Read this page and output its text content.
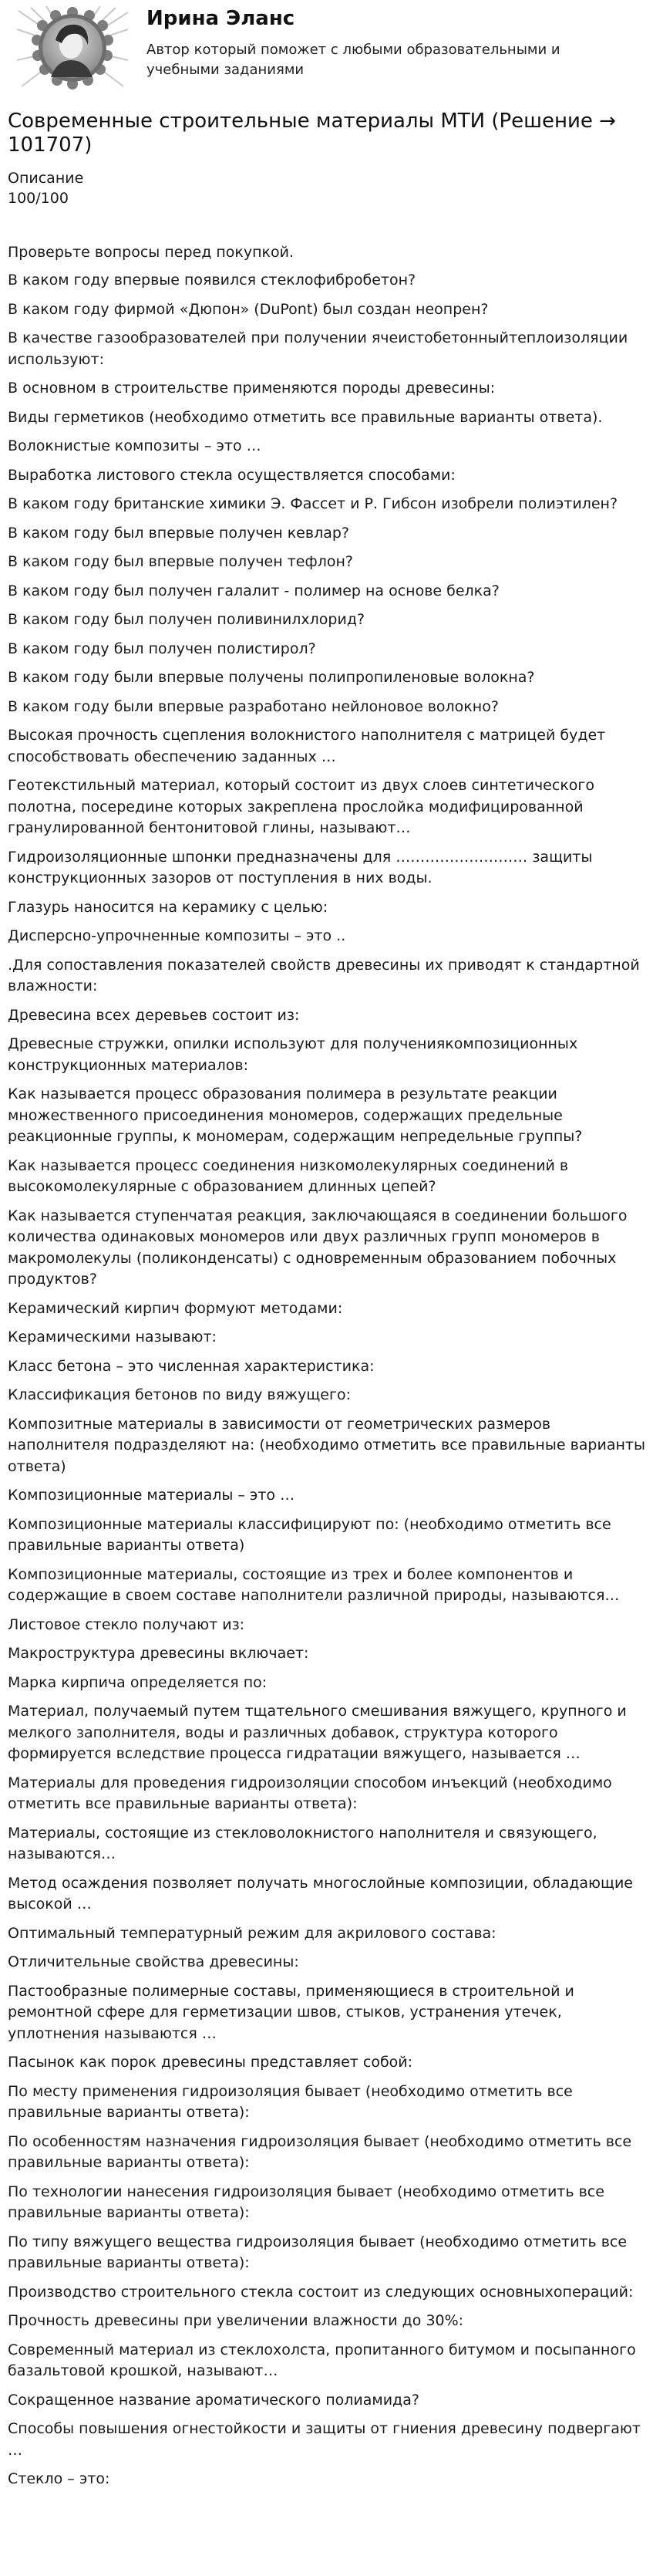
Ирина Эланс

Автор который поможет с любыми образовательными и учебными заданиями

Современные строительные материалы МТИ (Решение → 101707)

Описание

100/100

Проверьте вопросы перед покупкой.

В каком году впервые появился стеклофибробетон?
В каком году фирмой «Дюпон» (DuPont) был создан неопрен?
В качестве газообразователей при получении ячеистобетонныйтеплоизоляции используют:
В основном в строительстве применяются породы древесины:
Виды герметиков (необходимо отметить все правильные варианты ответа).
Волокнистые композиты – это …
Выработка листового стекла осуществляется способами:
В каком году британские химики Э. Фассет и Р. Гибсон изобрели полиэтилен?
В каком году был впервые получен кевлар?
В каком году был впервые получен тефлон?
В каком году был получен галалит - полимер на основе белка?
В каком году был получен поливинилхлорид?
В каком году был получен полистирол?
В каком году были впервые получены полипропиленовые волокна?
В каком году были впервые разработано нейлоновое волокно?
Высокая прочность сцепления волокнистого наполнителя с матрицей будет способствовать обеспечению заданных …
Геотекстильный материал, который состоит из двух слоев синтетического полотна, посередине которых закреплена прослойка модифицированной гранулированной бентонитовой глины, называют…
Гидроизоляционные шпонки предназначены для ……………………… защиты конструкционных зазоров от поступления в них воды.
Глазурь наносится на керамику с целью:
Дисперсно-упрочненные композиты – это ..
.Для сопоставления показателей свойств древесины их приводят к стандартной влажности:
Древесина всех деревьев состоит из:
Древесные стружки, опилки используют для получениякомпозиционных конструкционных материалов:
Как называется процесс образования полимера в результате реакции множественного присоединения мономеров, содержащих предельные реакционные группы, к мономерам, содержащим непредельные группы?
Как называется процесс соединения низкомолекулярных соединений в высокомолекулярные с образованием длинных цепей?
Как называется ступенчатая реакция, заключающаяся в соединении большого количества одинаковых мономеров или двух различных групп мономеров в макромолекулы (поликонденсаты) с одновременным образованием побочных продуктов?
Керамический кирпич формуют методами:
Керамическими называют:
Класс бетона – это численная характеристика:
Классификация бетонов по виду вяжущего:
Композитные материалы в зависимости от геометрических размеров наполнителя подразделяют на: (необходимо отметить все правильные варианты ответа)
Композиционные материалы – это …
Композиционные материалы классифицируют по: (необходимо отметить все правильные варианты ответа)
Композиционные материалы, состоящие из трех и более компонентов и содержащие в своем составе наполнители различной природы, называются…
Листовое стекло получают из:
Макроструктура древесины включает:
Марка кирпича определяется по:
Материал, получаемый путем тщательного смешивания вяжущего, крупного и мелкого заполнителя, воды и различных добавок, структура которого формируется вследствие процесса гидратации вяжущего, называется …
Материалы для проведения гидроизоляции способом инъекций (необходимо отметить все правильные варианты ответа):
Материалы, состоящие из стекловолокнистого наполнителя и связующего, называются…
Метод осаждения позволяет получать многослойные композиции, обладающие высокой …
Оптимальный температурный режим для акрилового состава:
Отличительные свойства древесины:
Пастообразные полимерные составы, применяющиеся в строительной и ремонтной сфере для герметизации швов, стыков, устранения утечек, уплотнения называются …
Пасынок как порок древесины представляет собой:
По месту применения гидроизоляция бывает (необходимо отметить все правильные варианты ответа):
По особенностям назначения гидроизоляция бывает (необходимо отметить все правильные варианты ответа):
По технологии нанесения гидроизоляция бывает (необходимо отметить все правильные варианты ответа):
По типу вяжущего вещества гидроизоляция бывает (необходимо отметить все правильные варианты ответа):
Производство строительного стекла состоит из следующих основныхопераций:
Прочность древесины при увеличении влажности до 30%:
Современный материал из стеклохолста, пропитанного битумом и посыпанного базальтовой крошкой, называют…
Сокращенное название ароматического полиамида?
Способы повышения огнестойкости и защиты от гниения древесину подвергают …
Стекло – это:
